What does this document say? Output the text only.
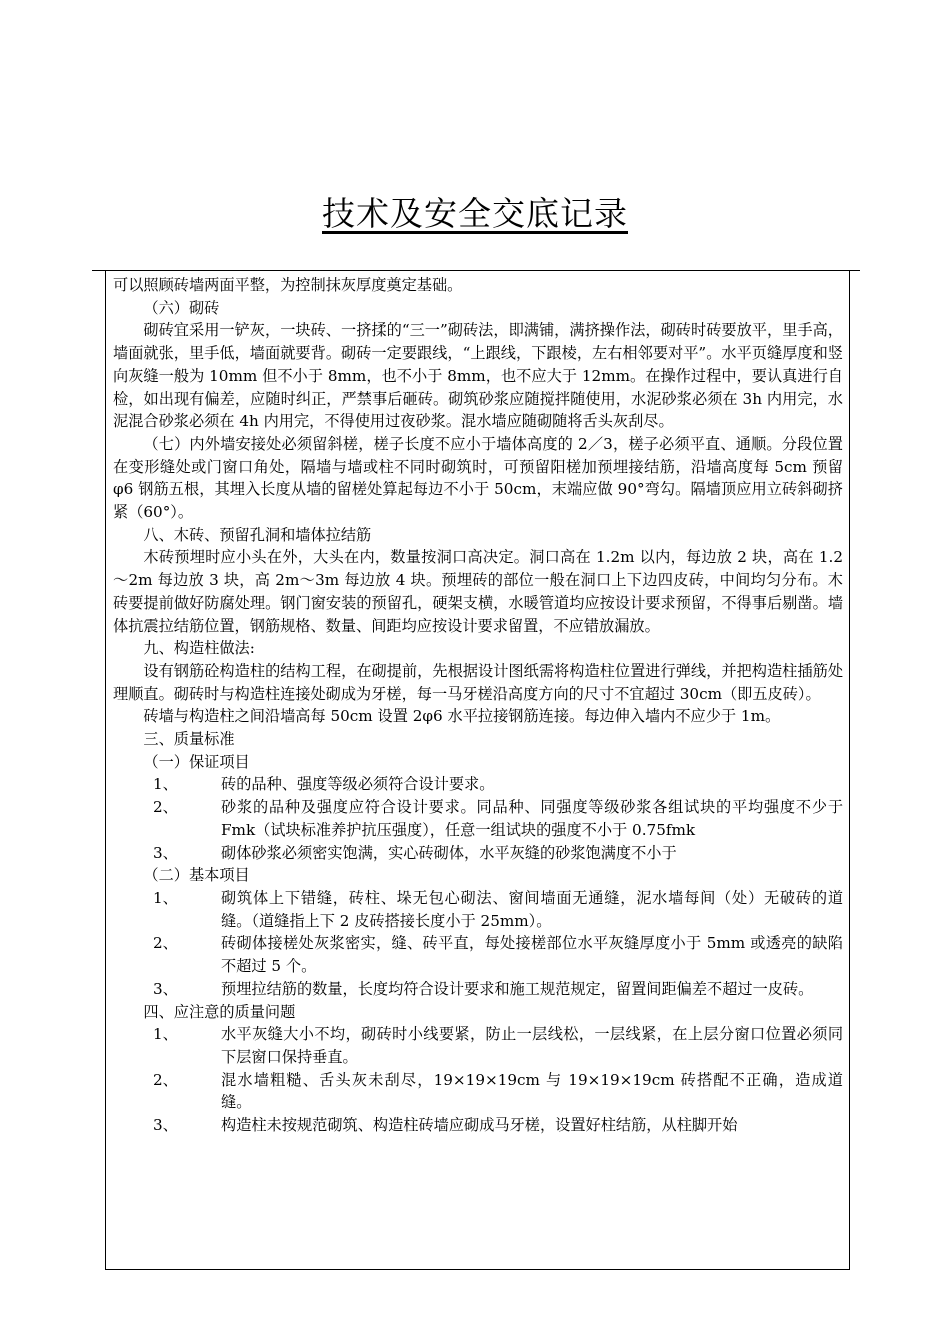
技术及安全交底记录

可以照顾砖墙两面平整，为控制抹灰厚度奠定基础。

（六）砌砖

砌砖宜采用一铲灰，一块砖、一挤揉的“三一”砌砖法，即满铺，满挤操作法，砌砖时砖要放平，里手高，墙面就张，里手低，墙面就要背。砌砖一定要跟线，“上跟线，下跟棱，左右相邻要对平”。水平页缝厚度和竖向灰缝一般为 10mm 但不小于 8mm，也不小于 8mm，也不应大于 12mm。在操作过程中，要认真进行自检，如出现有偏差，应随时纠正，严禁事后砸砖。砌筑砂浆应随搅拌随使用，水泥砂浆必须在 3h 内用完，水泥混合砂浆必须在 4h 内用完，不得使用过夜砂浆。混水墙应随砌随将舌头灰刮尽。

（七）内外墙安接处必须留斜槎，槎子长度不应小于墙体高度的 2／3，槎子必须平直、通顺。分段位置在变形缝处或门窗口角处，隔墙与墙或柱不同时砌筑时，可预留阳槎加预埋接结筋，沿墙高度每 5cm 预留 φ6 钢筋五根，其埋入长度从墙的留槎处算起每边不小于 50cm，末端应做 90°弯勾。隔墙顶应用立砖斜砌挤紧（60°）。

八、木砖、预留孔洞和墙体拉结筋

木砖预埋时应小头在外，大头在内，数量按洞口高决定。洞口高在 1.2m 以内，每边放 2 块，高在 1.2～2m 每边放 3 块，高 2m～3m 每边放 4 块。预埋砖的部位一般在洞口上下边四皮砖，中间均匀分布。木砖要提前做好防腐处理。钢门窗安装的预留孔，硬架支横，水暖管道均应按设计要求预留，不得事后剔凿。墙体抗震拉结筋位置，钢筋规格、数量、间距均应按设计要求留置，不应错放漏放。

九、构造柱做法:

设有钢筋砼构造柱的结构工程，在砌提前，先根据设计图纸需将构造柱位置进行弹线，并把构造柱插筋处理顺直。砌砖时与构造柱连接处砌成为牙槎，每一马牙槎沿高度方向的尺寸不宜超过 30cm（即五皮砖）。

砖墙与构造柱之间沿墙高每 50cm 设置 2φ6 水平拉接钢筋连接。每边伸入墙内不应少于 1m。

三、质量标准

（一）保证项目

1、	砖的品种、强度等级必须符合设计要求。
2、	砂浆的品种及强度应符合设计要求。同品种、同强度等级砂浆各组试块的平均强度不少于 Fmk（试块标准养护抗压强度），任意一组试块的强度不小于 0.75fmk
3、	砌体砂浆必须密实饱满，实心砖砌体，水平灰缝的砂浆饱满度不小于

（二）基本项目

1、	砌筑体上下错缝，砖柱、垛无包心砌法、窗间墙面无通缝，泥水墙每间（处）无破砖的道缝。（道缝指上下 2 皮砖搭接长度小于 25mm）。
2、	砖砌体接槎处灰浆密实，缝、砖平直，每处接槎部位水平灰缝厚度小于 5mm 或透亮的缺陷不超过 5 个。
3、	预埋拉结筋的数量，长度均符合设计要求和施工规范规定，留置间距偏差不超过一皮砖。

四、应注意的质量问题

1、	水平灰缝大小不均，砌砖时小线要紧，防止一层线松，一层线紧，在上层分窗口位置必须同下层窗口保持垂直。
2、	混水墙粗糙、舌头灰未刮尽，19×19×19cm 与 19×19×19cm 砖搭配不正确，造成道缝。
3、	构造柱未按规范砌筑、构造柱砖墙应砌成马牙槎，设置好柱结筋，从柱脚开始
